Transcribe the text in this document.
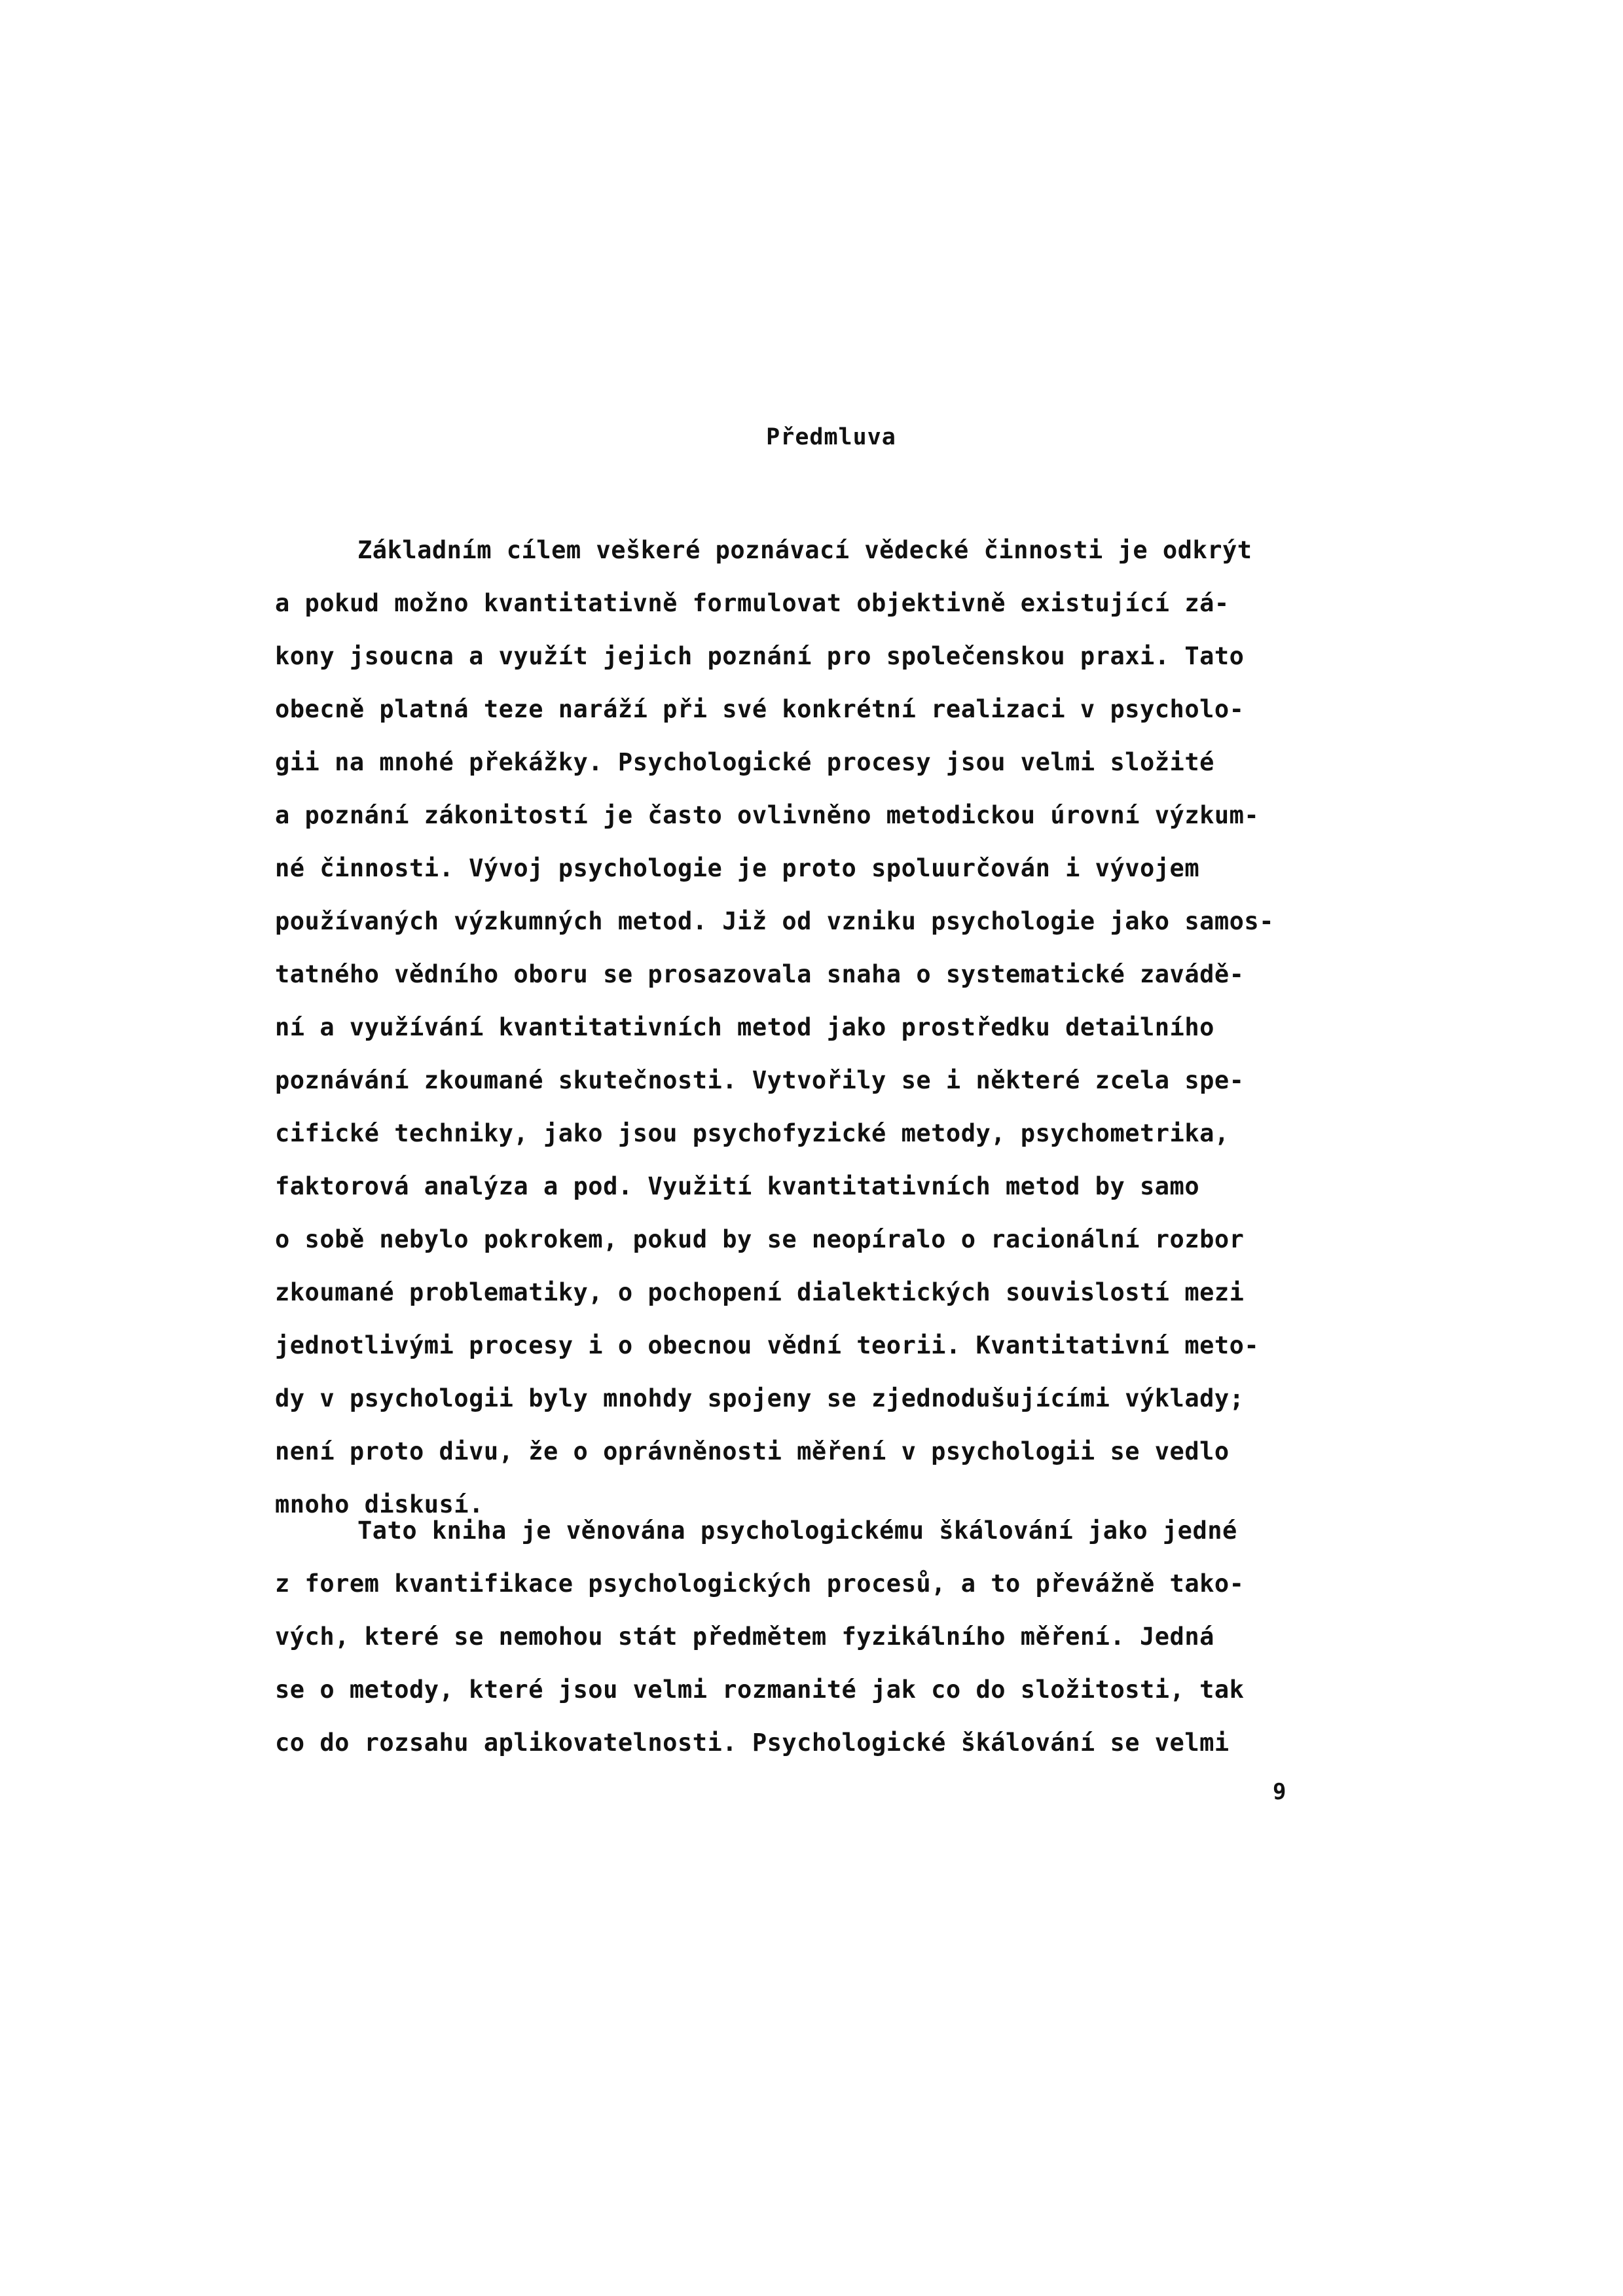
Předmluva
Základním cílem veškeré poznávací vědecké činnosti je odkrýt
a pokud možno kvantitativně formulovat objektivně existující zá-
kony jsoucna a využít jejich poznání pro společenskou praxi. Tato
obecně platná teze naráží při své konkrétní realizaci v psycholo-
gii na mnohé překážky. Psychologické procesy jsou velmi složité
a poznání zákonitostí je často ovlivněno metodickou úrovní výzkum-
né činnosti. Vývoj psychologie je proto spoluurčován i vývojem
používaných výzkumných metod. Již od vzniku psychologie jako samos-
tatného vědního oboru se prosazovala snaha o systematické zavádě-
ní a využívání kvantitativních metod jako prostředku detailního
poznávání zkoumané skutečnosti. Vytvořily se i některé zcela spe-
cifické techniky, jako jsou psychofyzické metody, psychometrika,
faktorová analýza a pod. Využití kvantitativních metod by samo
o sobě nebylo pokrokem, pokud by se neopíralo o racionální rozbor
zkoumané problematiky, o pochopení dialektických souvislostí mezi
jednotlivými procesy i o obecnou vědní teorii. Kvantitativní meto-
dy v psychologii byly mnohdy spojeny se zjednodušujícími výklady;
není proto divu, že o oprávněnosti měření v psychologii se vedlo
mnoho diskusí.
Tato kniha je věnována psychologickému škálování jako jedné
z forem kvantifikace psychologických procesů, a to převážně tako-
vých, které se nemohou stát předmětem fyzikálního měření. Jedná
se o metody, které jsou velmi rozmanité jak co do složitosti, tak
co do rozsahu aplikovatelnosti. Psychologické škálování se velmi
9
